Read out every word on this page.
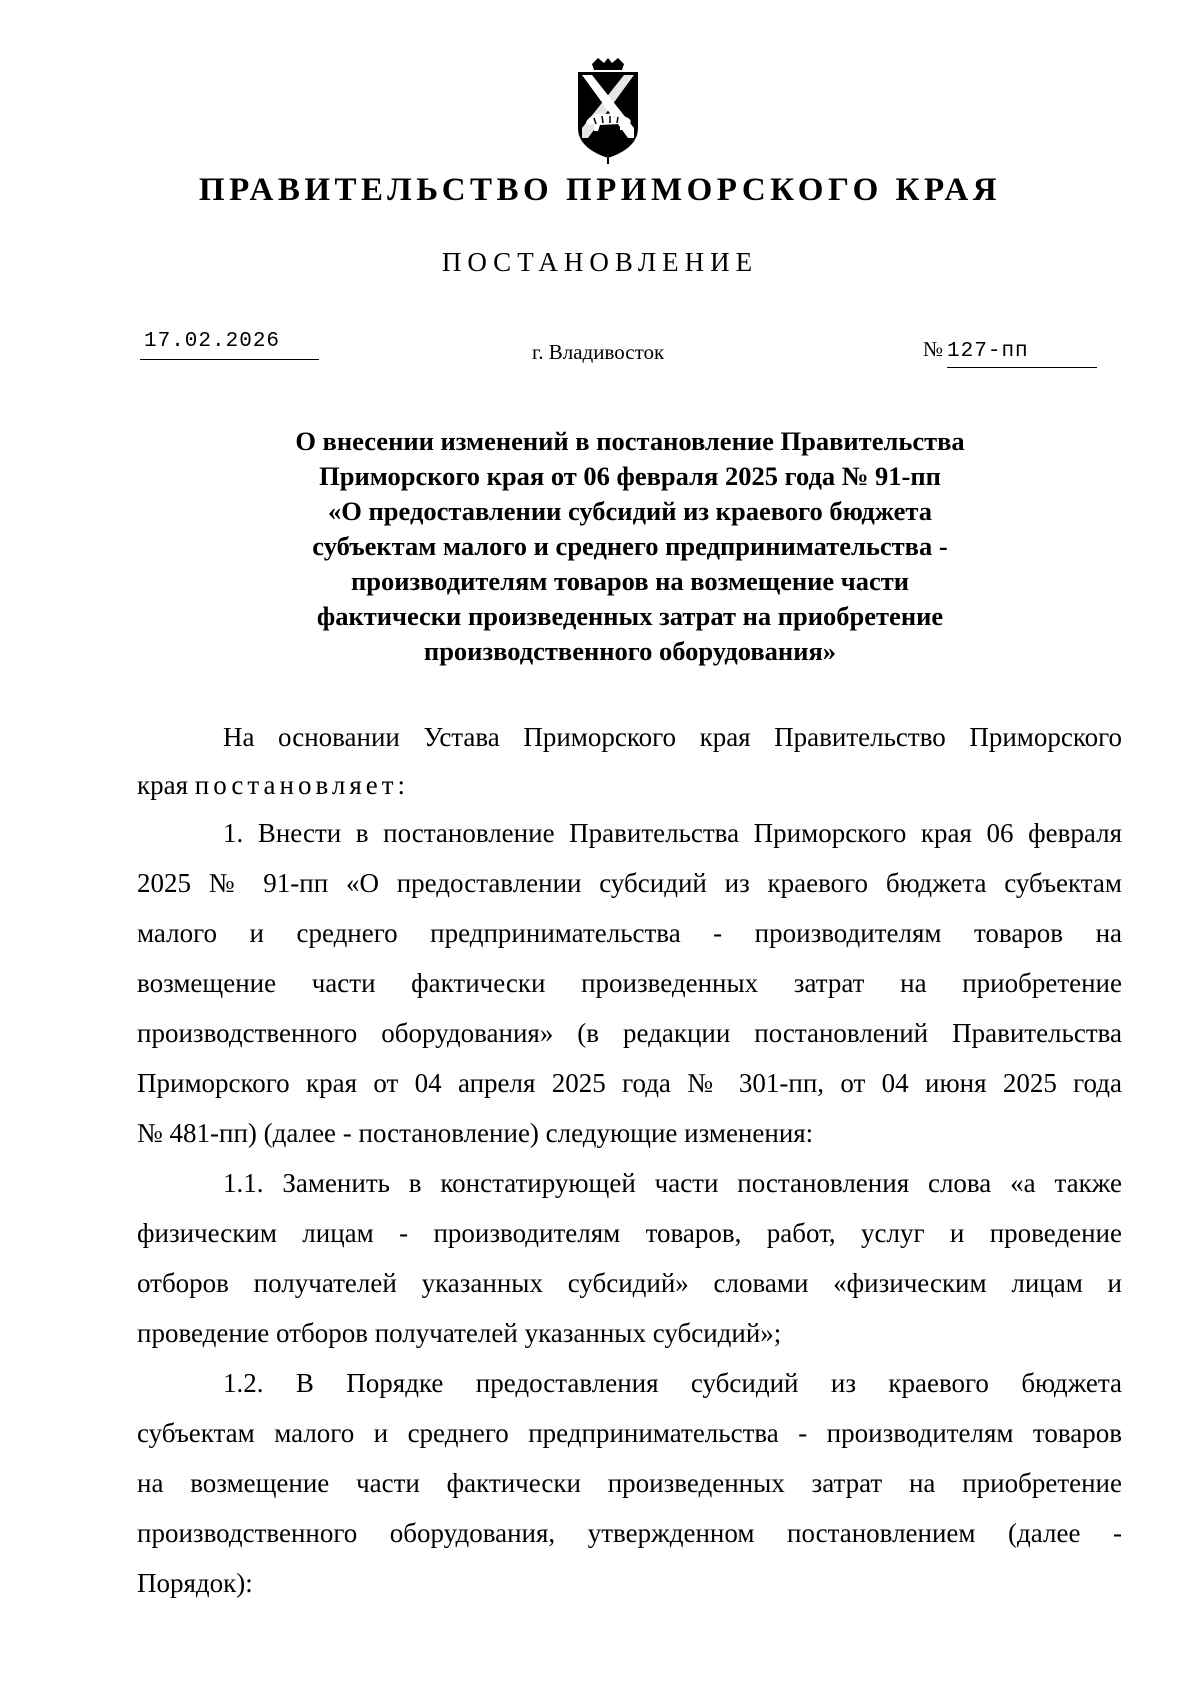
ПРАВИТЕЛЬСТВО ПРИМОРСКОГО КРАЯ
ПОСТАНОВЛЕНИЕ
17.02.2026	г. Владивосток	№ 127-пп
О внесении изменений в постановление Правительства
Приморского края от 06 февраля 2025 года № 91-пп
«О предоставлении субсидий из краевого бюджета
субъектам малого и среднего предпринимательства -
производителям товаров на возмещение части
фактически произведенных затрат на приобретение
производственного оборудования»
На основании Устава Приморского края Правительство Приморского
края постановляет:
1. Внести в постановление Правительства Приморского края 06 февраля
2025 № 91-пп «О предоставлении субсидий из краевого бюджета субъектам
малого и среднего предпринимательства - производителям товаров на
возмещение части фактически произведенных затрат на приобретение
производственного оборудования» (в редакции постановлений Правительства
Приморского края от 04 апреля 2025 года № 301-пп, от 04 июня 2025 года
№ 481-пп) (далее - постановление) следующие изменения:
1.1. Заменить в констатирующей части постановления слова «а также
физическим лицам - производителям товаров, работ, услуг и проведение
отборов получателей указанных субсидий» словами «физическим лицам и
проведение отборов получателей указанных субсидий»;
1.2. В Порядке предоставления субсидий из краевого бюджета
субъектам малого и среднего предпринимательства - производителям товаров
на возмещение части фактически произведенных затрат на приобретение
производственного оборудования, утвержденном постановлением (далее -
Порядок):
